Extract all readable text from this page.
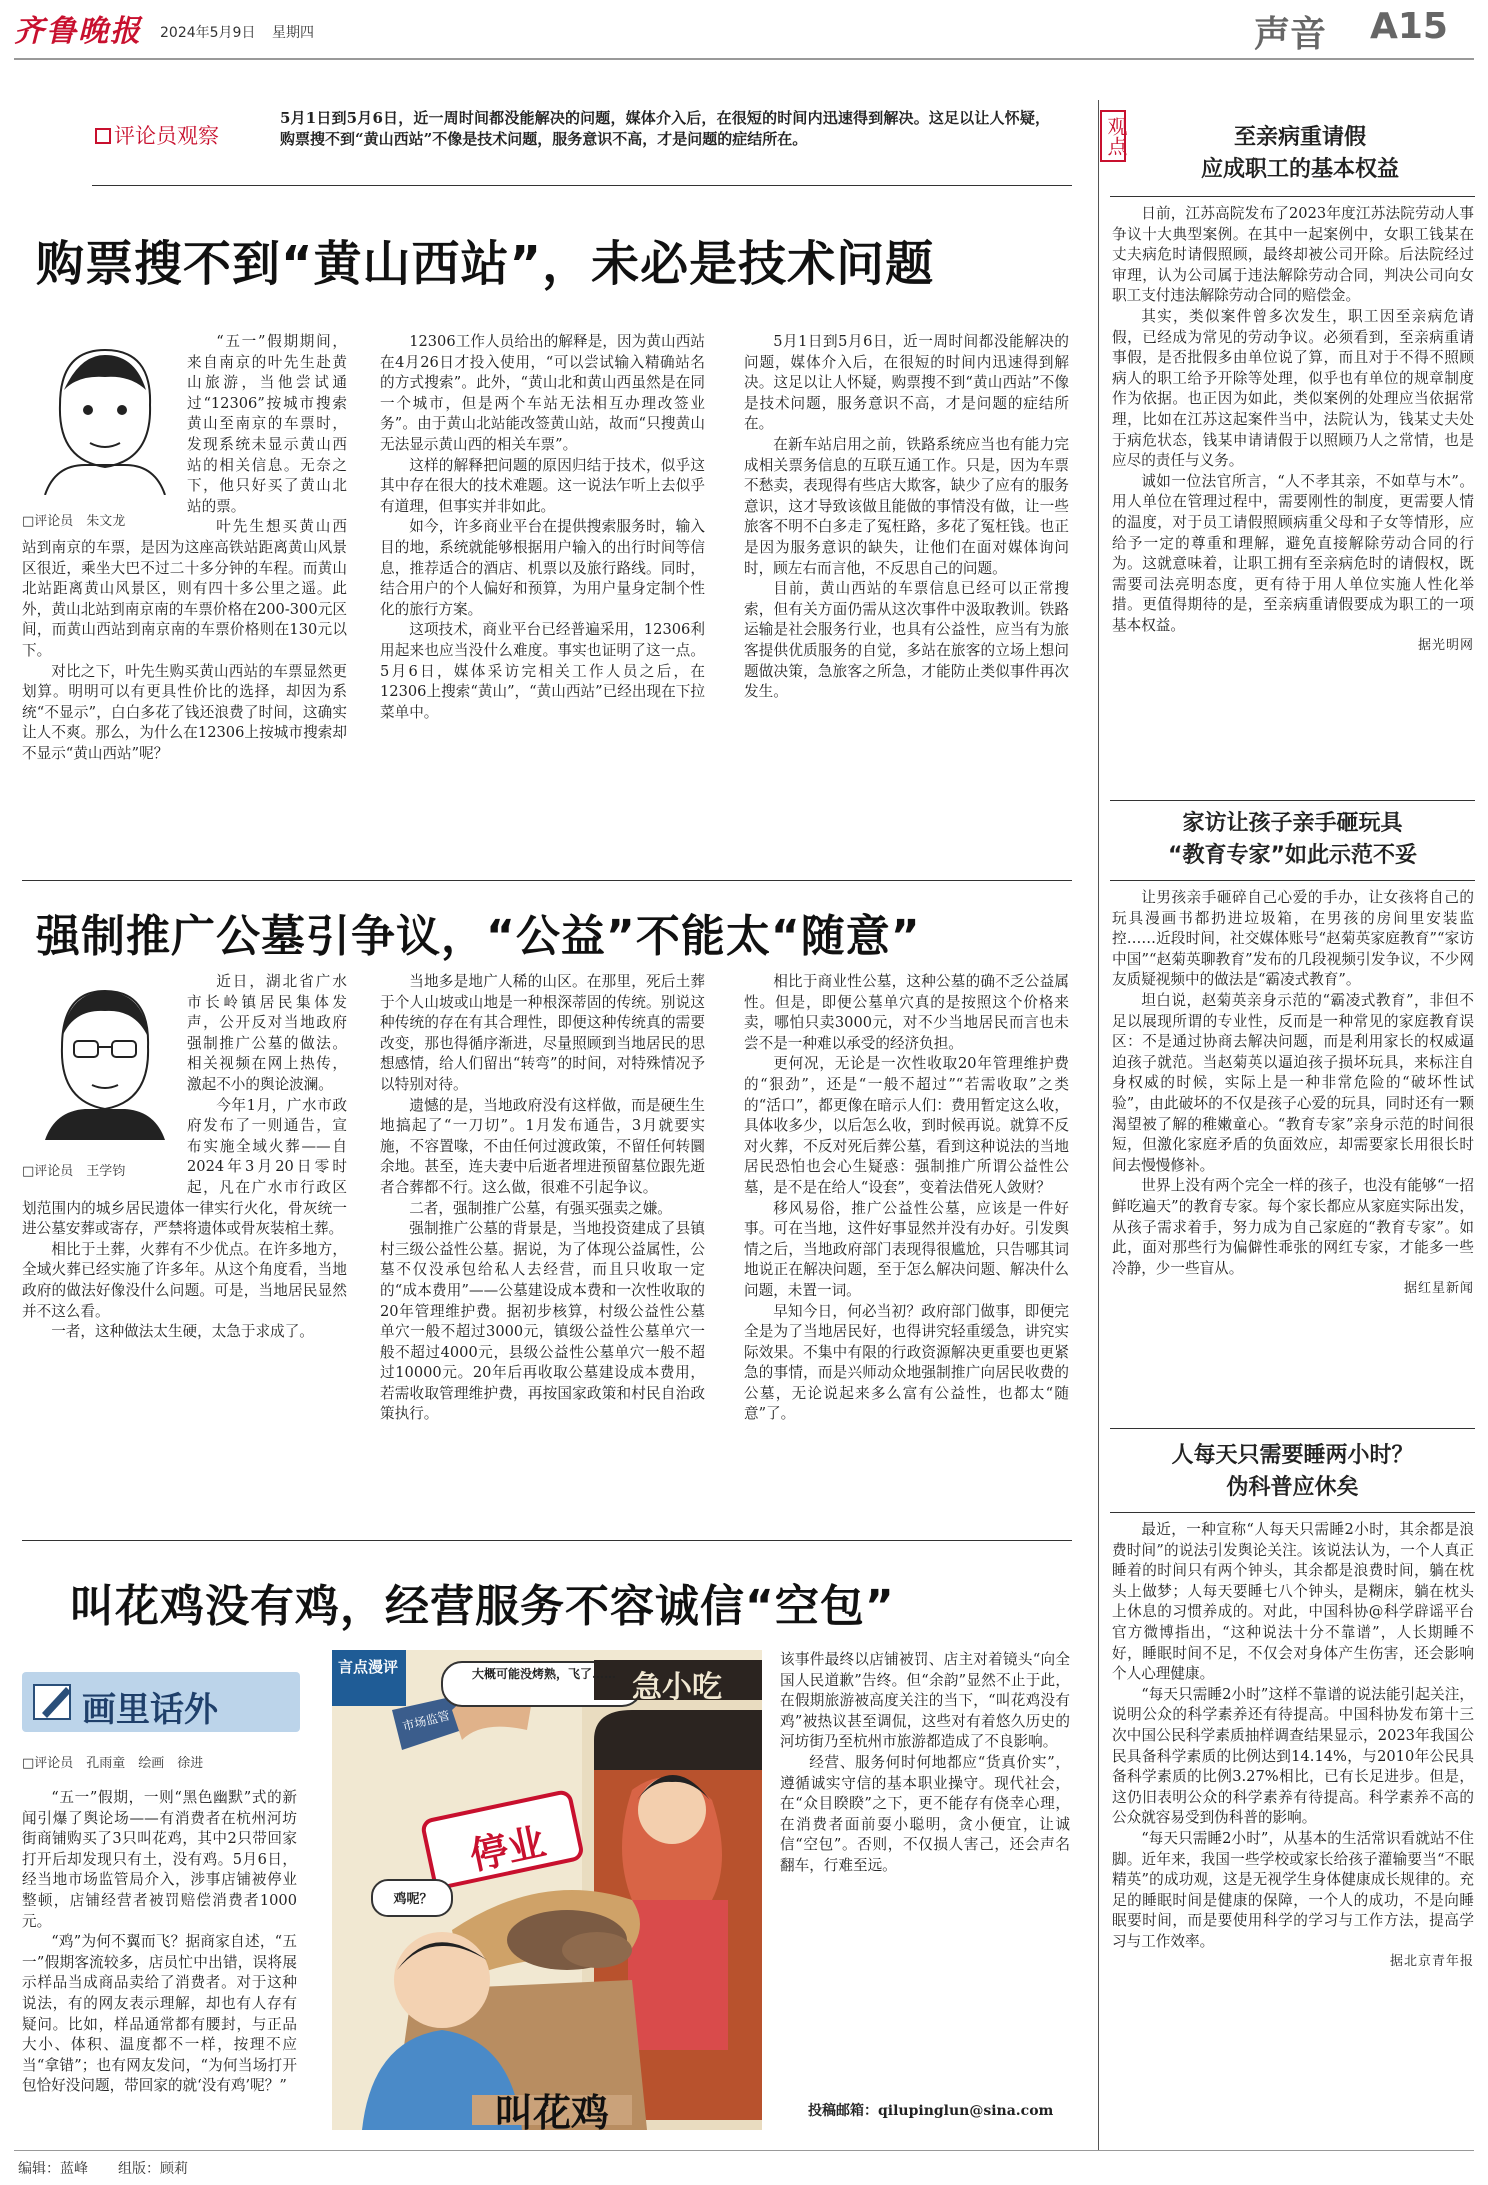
齐鲁晚报 2024年5月9日 星期四	声音 A15
评论员观察
5月1日到5月6日，近一周时间都没能解决的问题，媒体介入后，在很短的时间内迅速得到解决。这足以让人怀疑，购票搜不到“黄山西站”不像是技术问题，服务意识不高，才是问题的症结所在。
购票搜不到“黄山西站”，未必是技术问题
□评论员　朱文龙

“五一”假期期间，来自南京的叶先生赴黄山旅游，当他尝试通过“12306”按城市搜索黄山至南京的车票时，发现系统未显示黄山西站的相关信息。无奈之下，他只好买了黄山北站的票。

叶先生想买黄山西站到南京的车票，是因为这座高铁站距离黄山风景区很近，乘坐大巴不过二十多分钟的车程。而黄山北站距离黄山风景区，则有四十多公里之遥。此外，黄山北站到南京南的车票价格在200-300元区间，而黄山西站到南京南的车票价格则在130元以下。

对比之下，叶先生购买黄山西站的车票显然更划算。明明可以有更具性价比的选择，却因为系统“不显示”，白白多花了钱还浪费了时间，这确实让人不爽。那么，为什么在12306上按城市搜索却不显示“黄山西站”呢？

12306工作人员给出的解释是，因为黄山西站在4月26日才投入使用，“可以尝试输入精确站名的方式搜索”。此外，“黄山北和黄山西虽然是在同一个城市，但是两个车站无法相互办理改签业务”。由于黄山北站能改签黄山站，故而“只搜黄山无法显示黄山西的相关车票”。

这样的解释把问题的原因归结于技术，似乎这其中存在很大的技术难题。这一说法乍听上去似乎有道理，但事实并非如此。

如今，许多商业平台在提供搜索服务时，输入目的地，系统就能够根据用户输入的出行时间等信息，推荐适合的酒店、机票以及旅行路线。同时，结合用户的个人偏好和预算，为用户量身定制个性化的旅行方案。

这项技术，商业平台已经普遍采用，12306利用起来也应当没什么难度。事实也证明了这一点。5月6日，媒体采访完相关工作人员之后，在12306上搜索“黄山”，“黄山西站”已经出现在下拉菜单中。

5月1日到5月6日，近一周时间都没能解决的问题，媒体介入后，在很短的时间内迅速得到解决。这足以让人怀疑，购票搜不到“黄山西站”不像是技术问题，服务意识不高，才是问题的症结所在。

在新车站启用之前，铁路系统应当也有能力完成相关票务信息的互联互通工作。只是，因为车票不愁卖，表现得有些店大欺客，缺少了应有的服务意识，这才导致该做且能做的事情没有做，让一些旅客不明不白多走了冤枉路，多花了冤枉钱。也正是因为服务意识的缺失，让他们在面对媒体询问时，顾左右而言他，不反思自己的问题。

目前，黄山西站的车票信息已经可以正常搜索，但有关方面仍需从这次事件中汲取教训。铁路运输是社会服务行业，也具有公益性，应当有为旅客提供优质服务的自觉，多站在旅客的立场上想问题做决策，急旅客之所急，才能防止类似事件再次发生。

强制推广公墓引争议，“公益”不能太“随意”
□评论员　王学钧

近日，湖北省广水市长岭镇居民集体发声，公开反对当地政府强制推广公墓的做法。相关视频在网上热传，激起不小的舆论波澜。

今年1月，广水市政府发布了一则通告，宣布实施全域火葬——自2024年3月20日零时起，凡在广水市行政区划范围内的城乡居民遗体一律实行火化，骨灰统一进公墓安葬或寄存，严禁将遗体或骨灰装棺土葬。

相比于土葬，火葬有不少优点。在许多地方，全域火葬已经实施了许多年。从这个角度看，当地政府的做法好像没什么问题。可是，当地居民显然并不这么看。

一者，这种做法太生硬，太急于求成了。

当地多是地广人稀的山区。在那里，死后土葬于个人山坡或山地是一种根深蒂固的传统。别说这种传统的存在有其合理性，即便这种传统真的需要改变，那也得循序渐进，尽量照顾到当地居民的思想感情，给人们留出“转弯”的时间，对特殊情况予以特别对待。

遗憾的是，当地政府没有这样做，而是硬生生地搞起了“一刀切”。1月发布通告，3月就要实施，不容置喙，不由任何过渡政策，不留任何转圜余地。甚至，连夫妻中后逝者埋进预留墓位跟先逝者合葬都不行。这么做，很难不引起争议。

二者，强制推广公墓，有强买强卖之嫌。

强制推广公墓的背景是，当地投资建成了县镇村三级公益性公墓。据说，为了体现公益属性，公墓不仅没承包给私人去经营，而且只收取一定的“成本费用”——公墓建设成本费和一次性收取的20年管理维护费。据初步核算，村级公益性公墓单穴一般不超过3000元，镇级公益性公墓单穴一般不超过4000元，县级公益性公墓单穴一般不超过10000元。20年后再收取公墓建设成本费用，若需收取管理维护费，再按国家政策和村民自治政策执行。

相比于商业性公墓，这种公墓的确不乏公益属性。但是，即便公墓单穴真的是按照这个价格来卖，哪怕只卖3000元，对不少当地居民而言也未尝不是一种难以承受的经济负担。

更何况，无论是一次性收取20年管理维护费的“狠劲”，还是“一般不超过”“若需收取”之类的“活口”，都更像在暗示人们：费用暂定这么收，具体收多少，以后怎么收，到时候再说。就算不反对火葬，不反对死后葬公墓，看到这种说法的当地居民恐怕也会心生疑惑：强制推广所谓公益性公墓，是不是在给人“设套”，变着法借死人敛财？

移风易俗，推广公益性公墓，应该是一件好事。可在当地，这件好事显然并没有办好。引发舆情之后，当地政府部门表现得很尴尬，只告哪其词地说正在解决问题，至于怎么解决问题、解决什么问题，未置一词。

早知今日，何必当初？政府部门做事，即便完全是为了当地居民好，也得讲究轻重缓急，讲究实际效果。不集中有限的行政资源解决更重要也更紧急的事情，而是兴师动众地强制推广向居民收费的公墓，无论说起来多么富有公益性，也都太“随意”了。

叫花鸡没有鸡，经营服务不容诚信“空包”
画里话外
□评论员　孔雨童　绘画　徐进

“五一”假期，一则“黑色幽默”式的新闻引爆了舆论场——有消费者在杭州河坊街商铺购买了3只叫花鸡，其中2只带回家打开后却发现只有土，没有鸡。5月6日，经当地市场监管局介入，涉事店铺被停业整顿，店铺经营者被罚赔偿消费者1000元。

“鸡”为何不翼而飞？据商家自述，“五一”假期客流较多，店员忙中出错，误将展示样品当成商品卖给了消费者。对于这种说法，有的网友表示理解，却也有人存有疑问。比如，样品通常都有腰封，与正品大小、体积、温度都不一样，按理不应当“拿错”；也有网友发问，“为何当场打开包恰好没问题，带回家的就‘没有鸡’呢？”

言点漫评	大概可能没烤熟，飞了…… 急小吃
停业
市场监管
鸡呢？
叫花鸡

该事件最终以店铺被罚、店主对着镜头“向全国人民道歉”告终。但“余韵”显然不止于此，在假期旅游被高度关注的当下，“叫花鸡没有鸡”被热议甚至调侃，这些对有着悠久历史的河坊街乃至杭州市旅游都造成了不良影响。

经营、服务何时何地都应“货真价实”，遵循诚实守信的基本职业操守。现代社会，在“众目睽睽”之下，更不能存有侥幸心理，在消费者面前耍小聪明，贪小便宜，让诚信“空包”。否则，不仅损人害己，还会声名翻车，行难至远。

投稿邮箱：qilupinglun@sina.com
观点	至亲病重请假
应成职工的基本权益

日前，江苏高院发布了2023年度江苏法院劳动人事争议十大典型案例。在其中一起案例中，女职工钱某在丈夫病危时请假照顾，最终却被公司开除。后法院经过审理，认为公司属于违法解除劳动合同，判决公司向女职工支付违法解除劳动合同的赔偿金。

其实，类似案件曾多次发生，职工因至亲病危请假，已经成为常见的劳动争议。必须看到，至亲病重请事假，是否批假多由单位说了算，而且对于不得不照顾病人的职工给予开除等处理，似乎也有单位的规章制度作为依据。也正因为如此，类似案例的处理应当依据常理，比如在江苏这起案件当中，法院认为，钱某丈夫处于病危状态，钱某申请请假于以照顾乃人之常情，也是应尽的责任与义务。

诚如一位法官所言，“人不孝其亲，不如草与木”。用人单位在管理过程中，需要刚性的制度，更需要人情的温度，对于员工请假照顾病重父母和子女等情形，应给予一定的尊重和理解，避免直接解除劳动合同的行为。这就意味着，让职工拥有至亲病危时的请假权，既需要司法亮明态度，更有待于用人单位实施人性化举措。更值得期待的是，至亲病重请假要成为职工的一项基本权益。

据光明网
家访让孩子亲手砸玩具
“教育专家”如此示范不妥

让男孩亲手砸碎自己心爱的手办，让女孩将自己的玩具漫画书都扔进垃圾箱，在男孩的房间里安装监控……近段时间，社交媒体账号“赵菊英家庭教育”“家访中国”“赵菊英聊教育”发布的几段视频引发争议，不少网友质疑视频中的做法是“霸凌式教育”。

坦白说，赵菊英亲身示范的“霸凌式教育”，非但不足以展现所谓的专业性，反而是一种常见的家庭教育误区：不是通过协商去解决问题，而是利用家长的权威逼迫孩子就范。当赵菊英以逼迫孩子损坏玩具，来标注自身权威的时候，实际上是一种非常危险的“破坏性试验”，由此破坏的不仅是孩子心爱的玩具，同时还有一颗渴望被了解的稚嫩童心。“教育专家”亲身示范的时间很短，但激化家庭矛盾的负面效应，却需要家长用很长时间去慢慢修补。

世界上没有两个完全一样的孩子，也没有能够“一招鲜吃遍天”的教育专家。每个家长都应从家庭实际出发，从孩子需求着手，努力成为自己家庭的“教育专家”。如此，面对那些行为偏僻性乖张的网红专家，才能多一些冷静，少一些盲从。

据红星新闻
人每天只需要睡两小时？
伪科普应休矣

最近，一种宣称“人每天只需睡2小时，其余都是浪费时间”的说法引发舆论关注。该说法认为，一个人真正睡着的时间只有两个钟头，其余都是浪费时间，躺在枕头上做梦；人每天要睡七八个钟头，是糊床，躺在枕头上休息的习惯养成的。对此，中国科协@科学辟谣平台官方微博指出，“这种说法十分不靠谱”，人长期睡不好，睡眠时间不足，不仅会对身体产生伤害，还会影响个人心理健康。

“每天只需睡2小时”这样不靠谱的说法能引起关注，说明公众的科学素养还有待提高。中国科协发布第十三次中国公民科学素质抽样调查结果显示，2023年我国公民具备科学素质的比例达到14.14%，与2010年公民具备科学素质的比例3.27%相比，已有长足进步。但是，这仍旧表明公众的科学素养有待提高。科学素养不高的公众就容易受到伪科普的影响。

“每天只需睡2小时”，从基本的生活常识看就站不住脚。近年来，我国一些学校或家长给孩子灌输要当“不眠精英”的成功观，这是无视学生身体健康成长规律的。充足的睡眠时间是健康的保障，一个人的成功，不是向睡眠要时间，而是要使用科学的学习与工作方法，提高学习与工作效率。

据北京青年报
编辑：蓝峰 组版：顾莉
